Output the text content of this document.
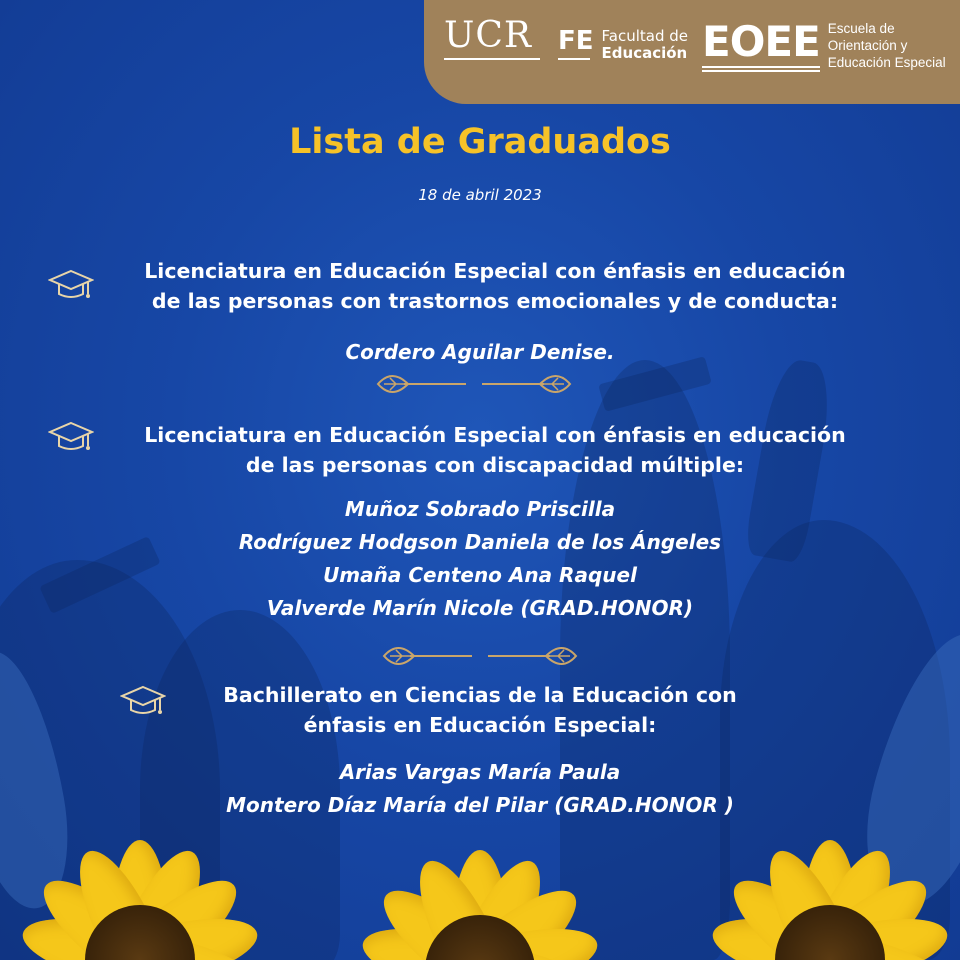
UCR	FE Facultad de
Educación EOEE Escuela de
Orientación y
Educación Especial
Lista de Graduados
18 de abril 2023
Licenciatura en Educación Especial con énfasis en educación
de las personas con trastornos emocionales y de conducta:
Cordero Aguilar Denise.
Licenciatura en Educación Especial con énfasis en educación
de las personas con discapacidad múltiple:
Muñoz Sobrado Priscilla
Rodríguez Hodgson Daniela de los Ángeles
Umaña Centeno Ana Raquel
Valverde Marín Nicole (GRAD.HONOR)
Bachillerato en Ciencias de la Educación con
énfasis en Educación Especial:
Arias Vargas María Paula
Montero Díaz María del Pilar (GRAD.HONOR )
